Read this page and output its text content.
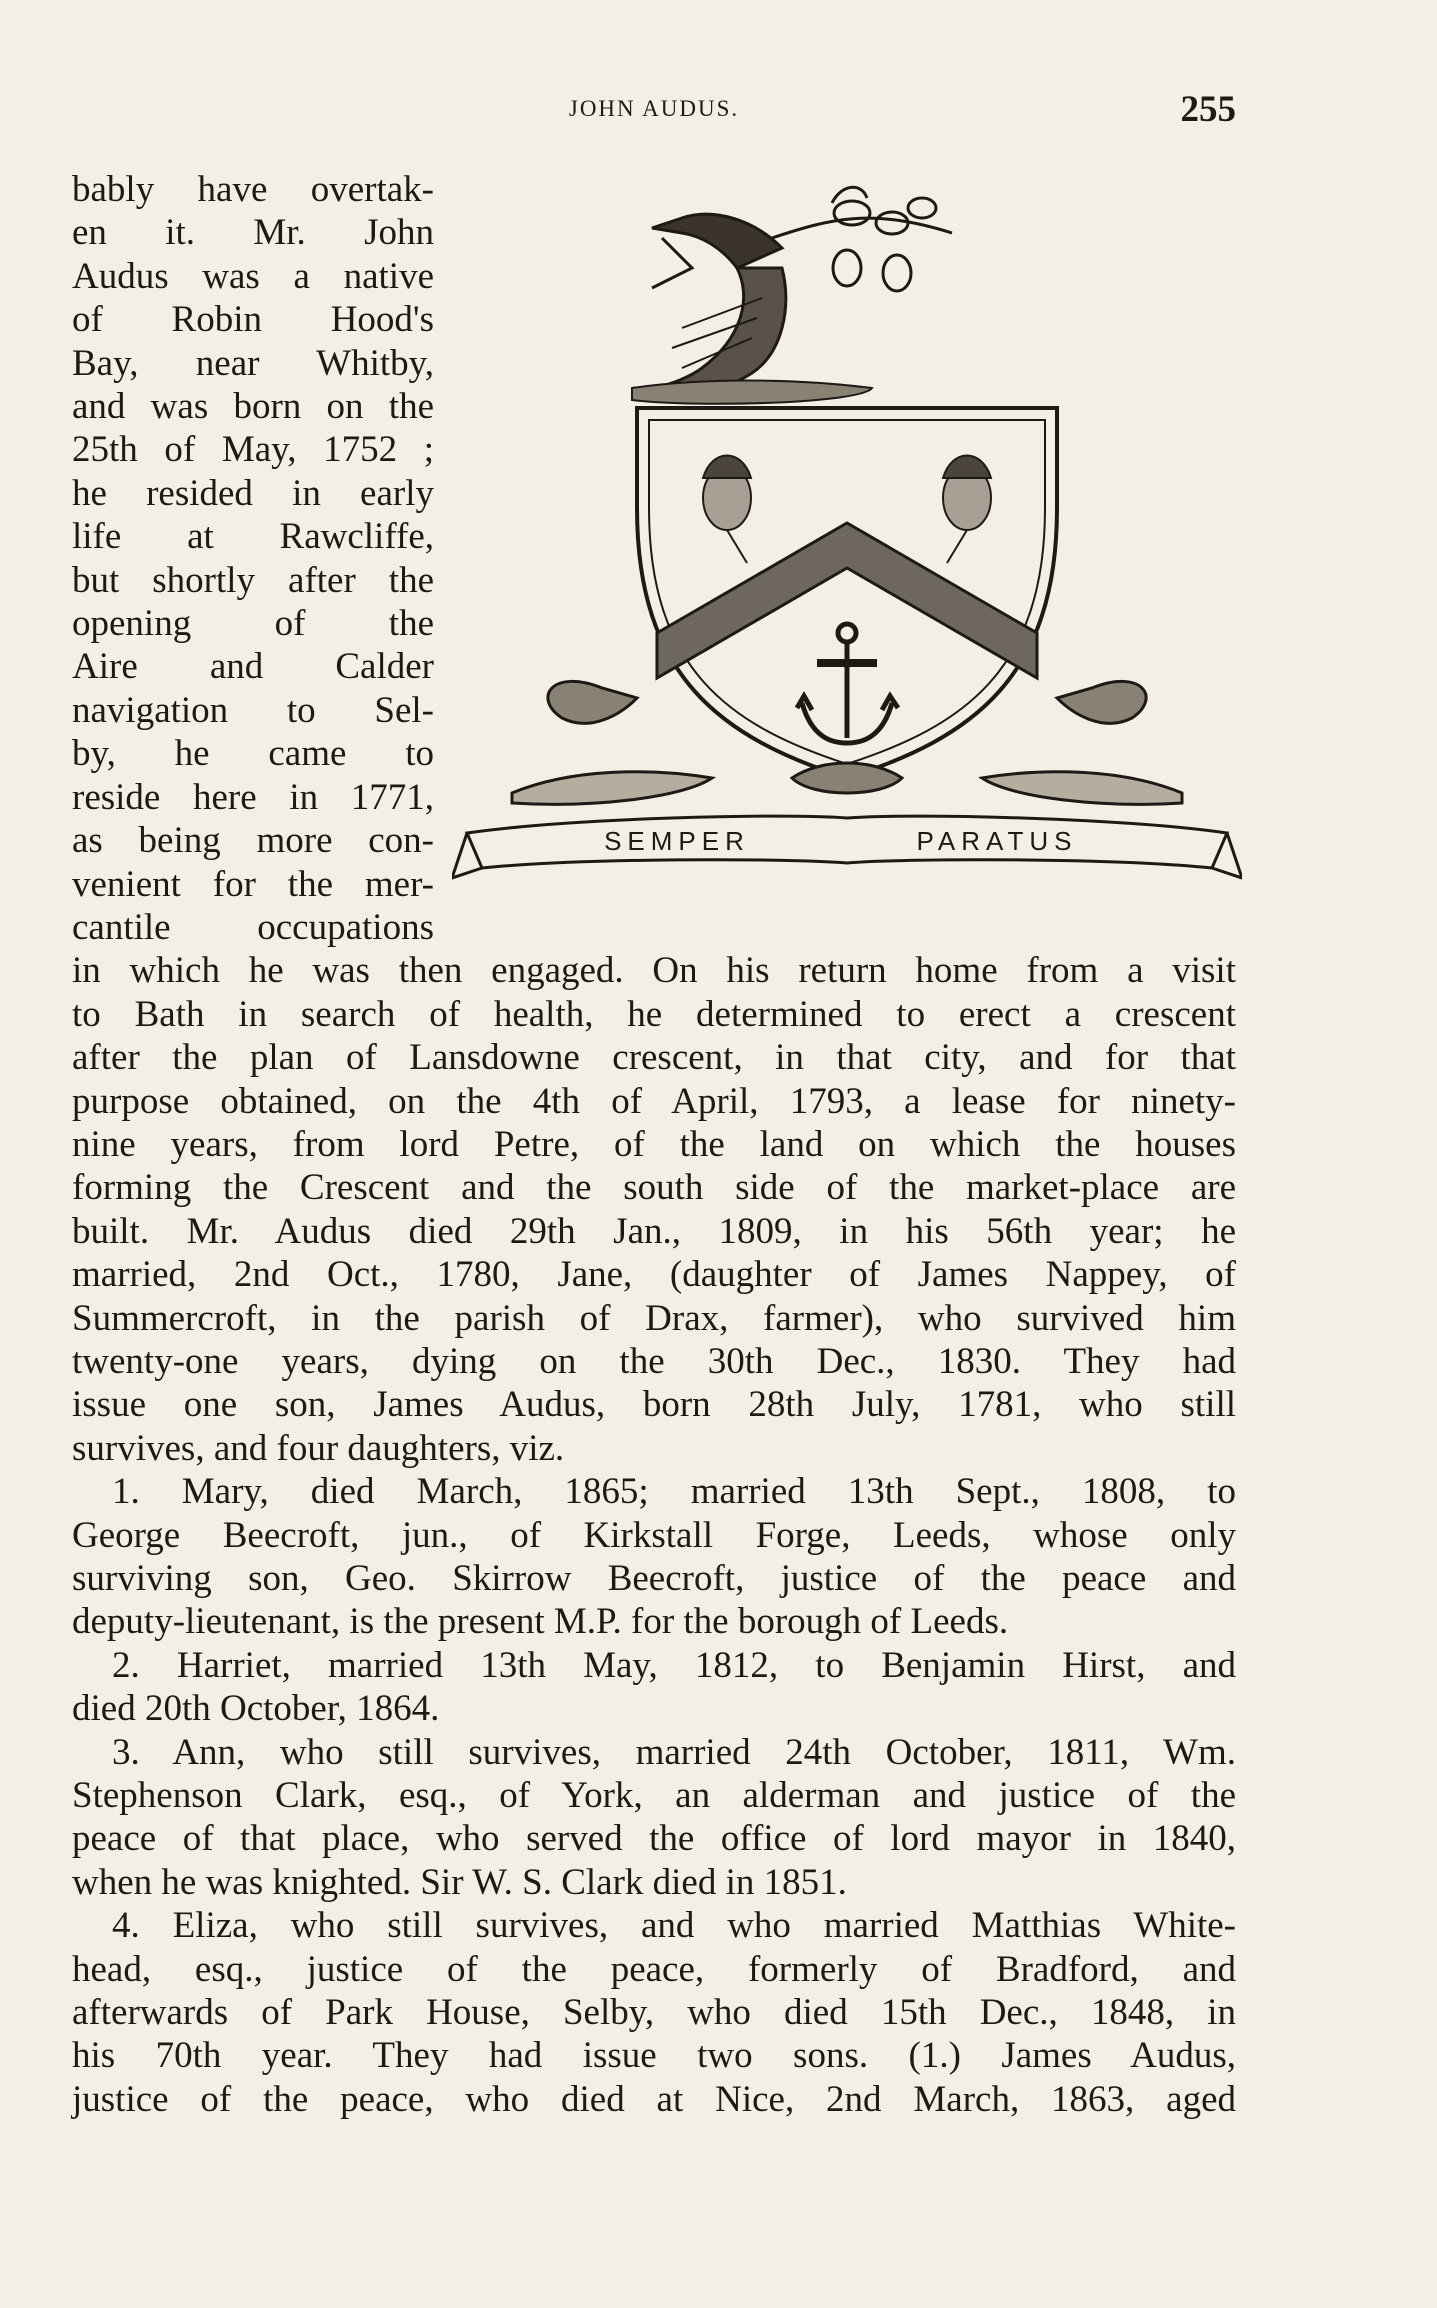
JOHN AUDUS.	255
SEMPER	PARATUS
bably have overtak-
en it. Mr. John
Audus was a native
of Robin Hood's
Bay, near Whitby,
and was born on the
25th of May, 1752 ;
he resided in early
life at Rawcliffe,
but shortly after the
opening of the
Aire and Calder
navigation to Sel-
by, he came to
reside here in 1771,
as being more con-
venient for the mer-
cantile occupations
in which he was then engaged. On his return home from a visit
to Bath in search of health, he determined to erect a crescent
after the plan of Lansdowne crescent, in that city, and for that
purpose obtained, on the 4th of April, 1793, a lease for ninety-
nine years, from lord Petre, of the land on which the houses
forming the Crescent and the south side of the market-place are
built. Mr. Audus died 29th Jan., 1809, in his 56th year; he
married, 2nd Oct., 1780, Jane, (daughter of James Nappey, of
Summercroft, in the parish of Drax, farmer), who survived him
twenty-one years, dying on the 30th Dec., 1830. They had
issue one son, James Audus, born 28th July, 1781, who still
survives, and four daughters, viz.
1. Mary, died March, 1865; married 13th Sept., 1808, to
George Beecroft, jun., of Kirkstall Forge, Leeds, whose only
surviving son, Geo. Skirrow Beecroft, justice of the peace and
deputy-lieutenant, is the present M.P. for the borough of Leeds.
2. Harriet, married 13th May, 1812, to Benjamin Hirst, and
died 20th October, 1864.
3. Ann, who still survives, married 24th October, 1811, Wm.
Stephenson Clark, esq., of York, an alderman and justice of the
peace of that place, who served the office of lord mayor in 1840,
when he was knighted. Sir W. S. Clark died in 1851.
4. Eliza, who still survives, and who married Matthias White-
head, esq., justice of the peace, formerly of Bradford, and
afterwards of Park House, Selby, who died 15th Dec., 1848, in
his 70th year. They had issue two sons. (1.) James Audus,
justice of the peace, who died at Nice, 2nd March, 1863, aged
